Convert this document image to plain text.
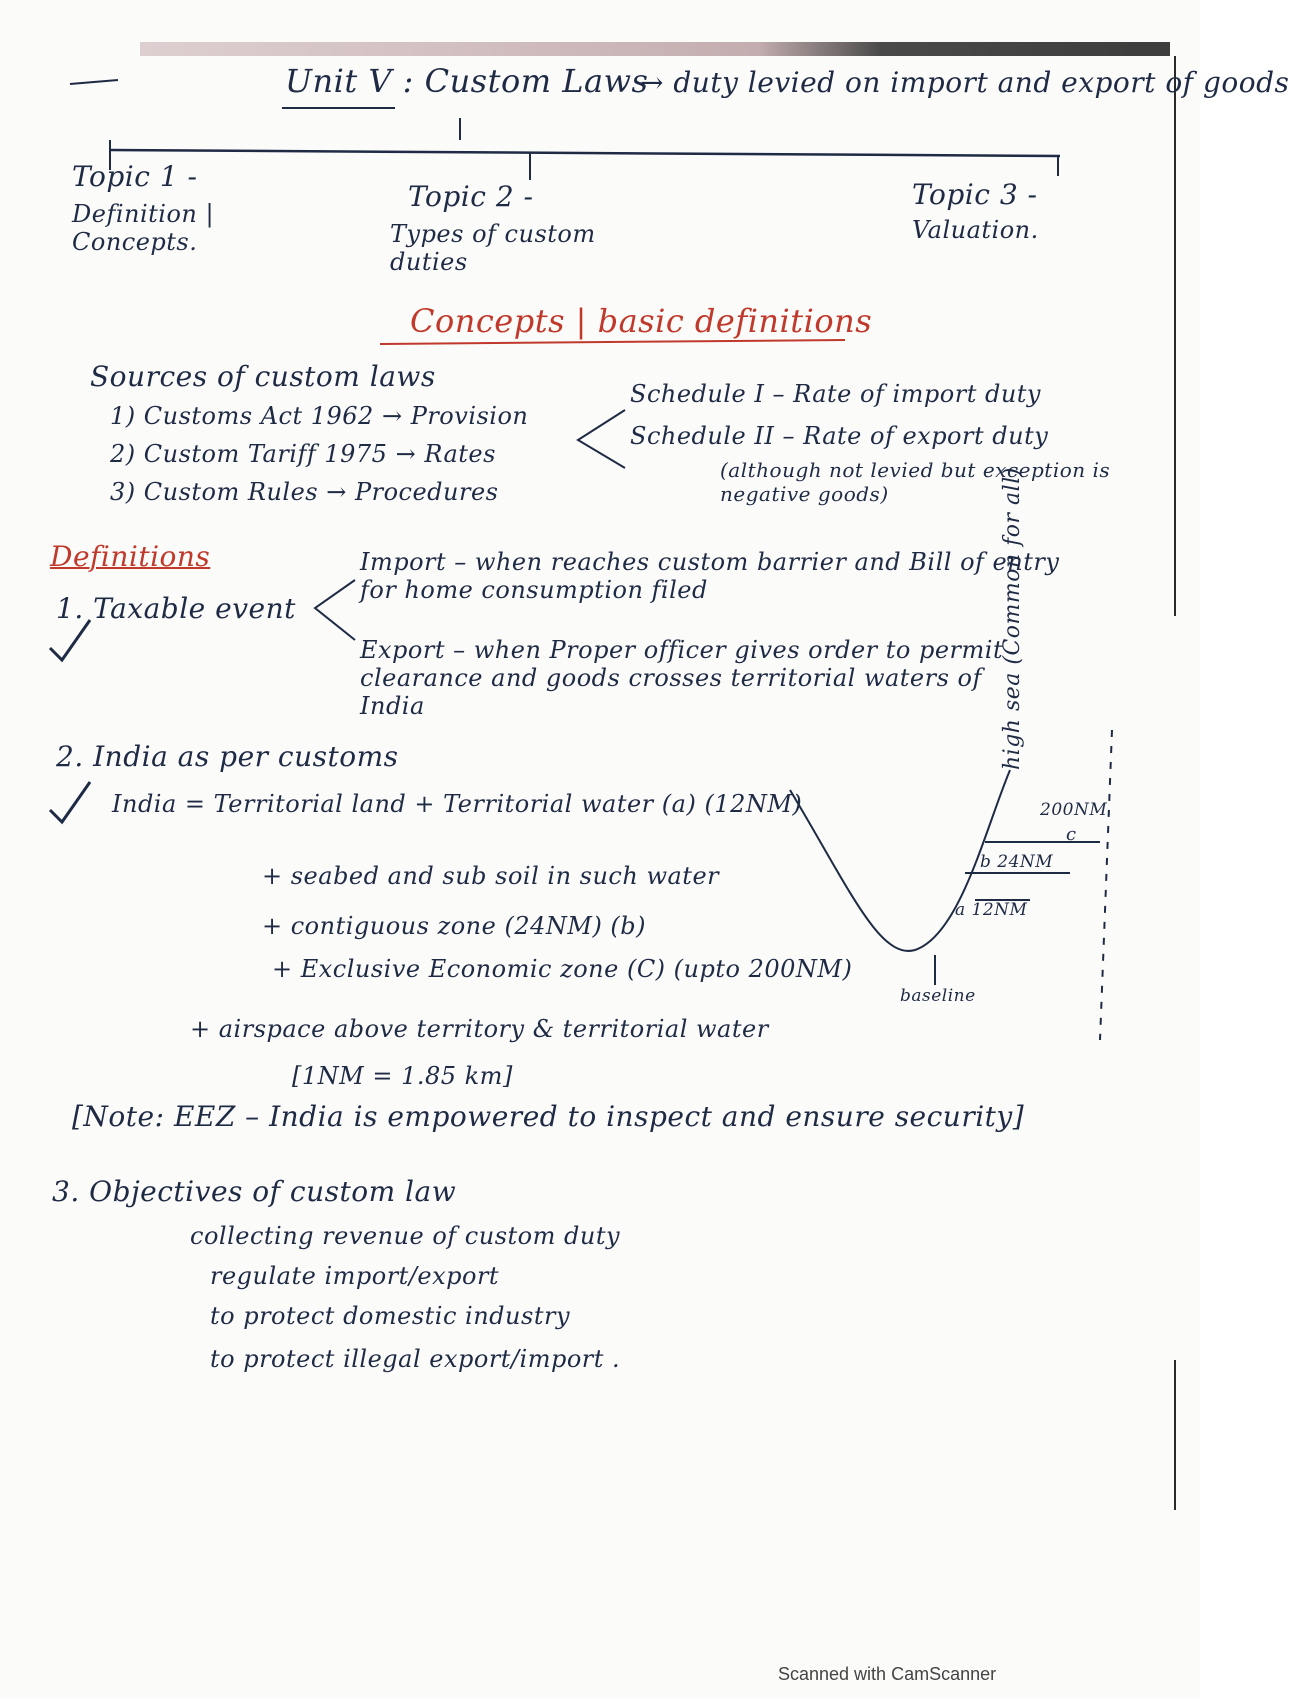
Unit V : Custom Laws
→ duty levied on import and export of goods
Topic 1 -
Definition | Concepts.
Topic 2 -
Types of custom duties
Topic 3 -
Valuation.
Concepts | basic definitions
Sources of custom laws
1) Customs Act 1962 → Provision
2) Custom Tariff 1975 → Rates
3) Custom Rules → Procedures
Schedule I – Rate of import duty
Schedule II – Rate of export duty
(although not levied but exception is negative goods)
Definitions
1. Taxable event
Import – when reaches custom barrier and Bill of entry for home consumption filed
Export – when Proper officer gives order to permit clearance and goods crosses territorial waters of India
2. India as per customs
India = Territorial land + Territorial water (a) (12NM)
+ seabed and sub soil in such water
+ contiguous zone (24NM) (b)
+ Exclusive Economic zone (C) (upto 200NM)
+ airspace above territory & territorial water
[1NM = 1.85 km]
[Note: EEZ – India is empowered to inspect and ensure security]
200NM
c
b 24NM
a 12NM
baseline
high sea (Common for all)
3. Objectives of custom law
collecting revenue of custom duty
regulate import/export
to protect domestic industry
to protect illegal export/import .
Scanned with CamScanner
